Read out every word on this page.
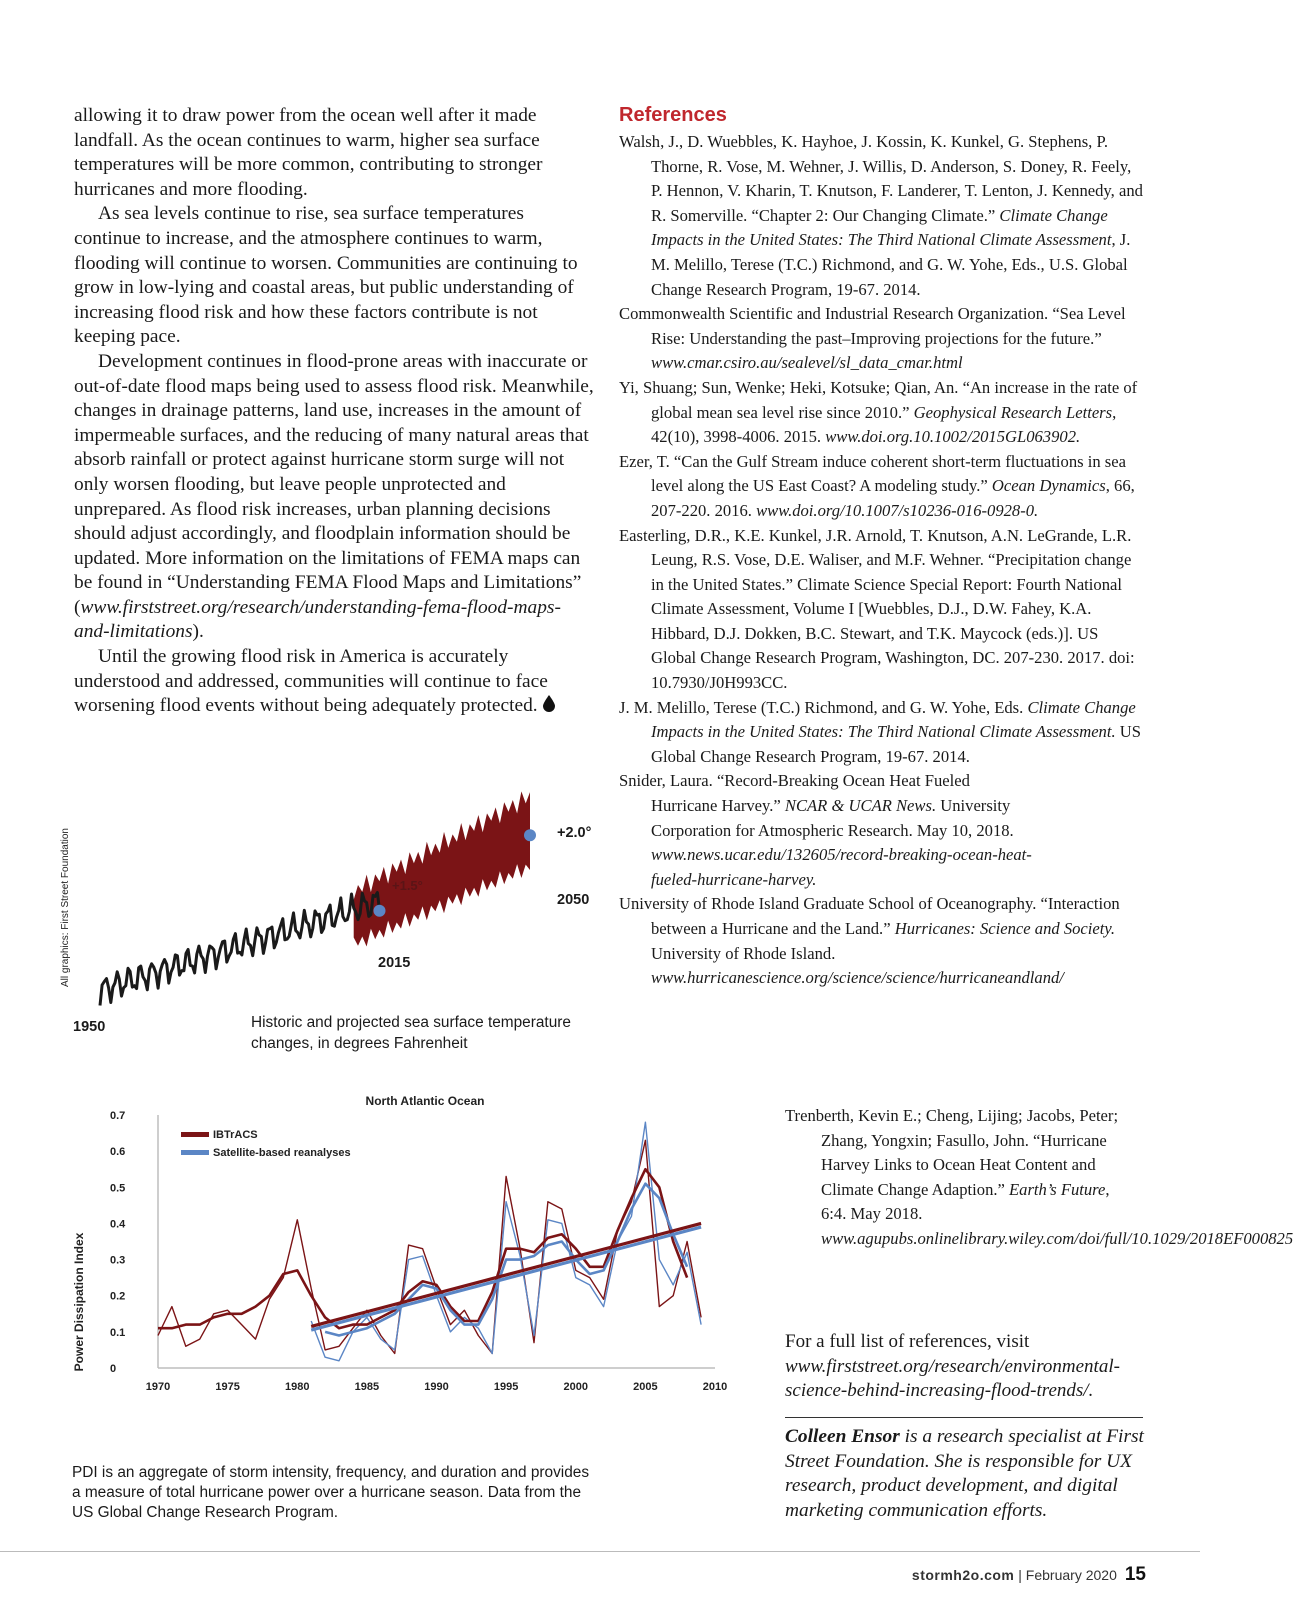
allowing it to draw power from the ocean well after it made landfall. As the ocean continues to warm, higher sea surface temperatures will be more common, contributing to stronger hurricanes and more flooding.

As sea levels continue to rise, sea surface temperatures continue to increase, and the atmosphere continues to warm, flooding will continue to worsen. Communities are continuing to grow in low-lying and coastal areas, but public understanding of increasing flood risk and how these factors contribute is not keeping pace.

Development continues in flood-prone areas with inaccurate or out-of-date flood maps being used to assess flood risk. Meanwhile, changes in drainage patterns, land use, increases in the amount of impermeable surfaces, and the reducing of many natural areas that absorb rainfall or protect against hurricane storm surge will not only worsen flooding, but leave people unprotected and unprepared. As flood risk increases, urban planning decisions should adjust accordingly, and floodplain information should be updated. More information on the limitations of FEMA maps can be found in “Understanding FEMA Flood Maps and Limitations” (www.firststreet.org/research/understanding-fema-flood-maps-and-limitations).

Until the growing flood risk in America is accurately understood and addressed, communities will continue to face worsening flood events without being adequately protected.

References

Walsh, J., D. Wuebbles, K. Hayhoe, J. Kossin, K. Kunkel, G. Stephens, P. Thorne, R. Vose, M. Wehner, J. Willis, D. Anderson, S. Doney, R. Feely, P. Hennon, V. Kharin, T. Knutson, F. Landerer, T. Lenton, J. Kennedy, and R. Somerville. “Chapter 2: Our Changing Climate.” Climate Change Impacts in the United States: The Third National Climate Assessment, J. M. Melillo, Terese (T.C.) Richmond, and G. W. Yohe, Eds., U.S. Global Change Research Program, 19-67. 2014.

Commonwealth Scientific and Industrial Research Organization. “Sea Level Rise: Understanding the past–Improving projections for the future.” www.cmar.csiro.au/sealevel/sl_data_cmar.html

Yi, Shuang; Sun, Wenke; Heki, Kotsuke; Qian, An. “An increase in the rate of global mean sea level rise since 2010.” Geophysical Research Letters, 42(10), 3998-4006. 2015. www.doi.org.10.1002/2015GL063902.

Ezer, T. “Can the Gulf Stream induce coherent short-term fluctuations in sea level along the US East Coast? A modeling study.” Ocean Dynamics, 66, 207-220. 2016. www.doi.org/10.1007/s10236-016-0928-0.

Easterling, D.R., K.E. Kunkel, J.R. Arnold, T. Knutson, A.N. LeGrande, L.R. Leung, R.S. Vose, D.E. Waliser, and M.F. Wehner. “Precipitation change in the United States.” Climate Science Special Report: Fourth National Climate Assessment, Volume I [Wuebbles, D.J., D.W. Fahey, K.A. Hibbard, D.J. Dokken, B.C. Stewart, and T.K. Maycock (eds.)]. US Global Change Research Program, Washington, DC. 207-230. 2017. doi: 10.7930/J0H993CC.

J. M. Melillo, Terese (T.C.) Richmond, and G. W. Yohe, Eds. Climate Change Impacts in the United States: The Third National Climate Assessment. US Global Change Research Program, 19-67. 2014.

Snider, Laura. “Record-Breaking Ocean Heat Fueled Hurricane Harvey.” NCAR & UCAR News. University Corporation for Atmospheric Research. May 10, 2018. www.news.ucar.edu/132605/record-breaking-ocean-heat-fueled-hurricane-harvey.

University of Rhode Island Graduate School of Oceanography. “Interaction between a Hurricane and the Land.” Hurricanes: Science and Society. University of Rhode Island. www.hurricanescience.org/science/science/hurricaneandland/

Trenberth, Kevin E.; Cheng, Lijing; Jacobs, Peter; Zhang, Yongxin; Fasullo, John. “Hurricane Harvey Links to Ocean Heat Content and Climate Change Adaption.” Earth’s Future, 6:4. May 2018. www.agupubs.onlinelibrary.wiley.com/doi/full/10.1029/2018EF000825

For a full list of references, visit www.firststreet.org/research/environmental-science-behind-increasing-flood-trends/.
Colleen Ensor is a research specialist at First Street Foundation. She is responsible for UX research, product development, and digital marketing communication efforts.
All graphics: First Street Foundation	+1.5°
+2.0°
2050
2015
1950	Historic and projected sea surface temperature changes, in degrees Fahrenheit
North Atlantic Ocean
Power Dissipation Index 0
0.1
0.2
0.3
0.4
0.5
0.6
0.7
1970	1975	1980	1985	1990	1995	2000	2005	2010
IBTrACS
Satellite-based reanalyses
PDI is an aggregate of storm intensity, frequency, and duration and provides a measure of total hurricane power over a hurricane season. Data from the US Global Change Research Program.
stormh2o.com | February 2020 15
